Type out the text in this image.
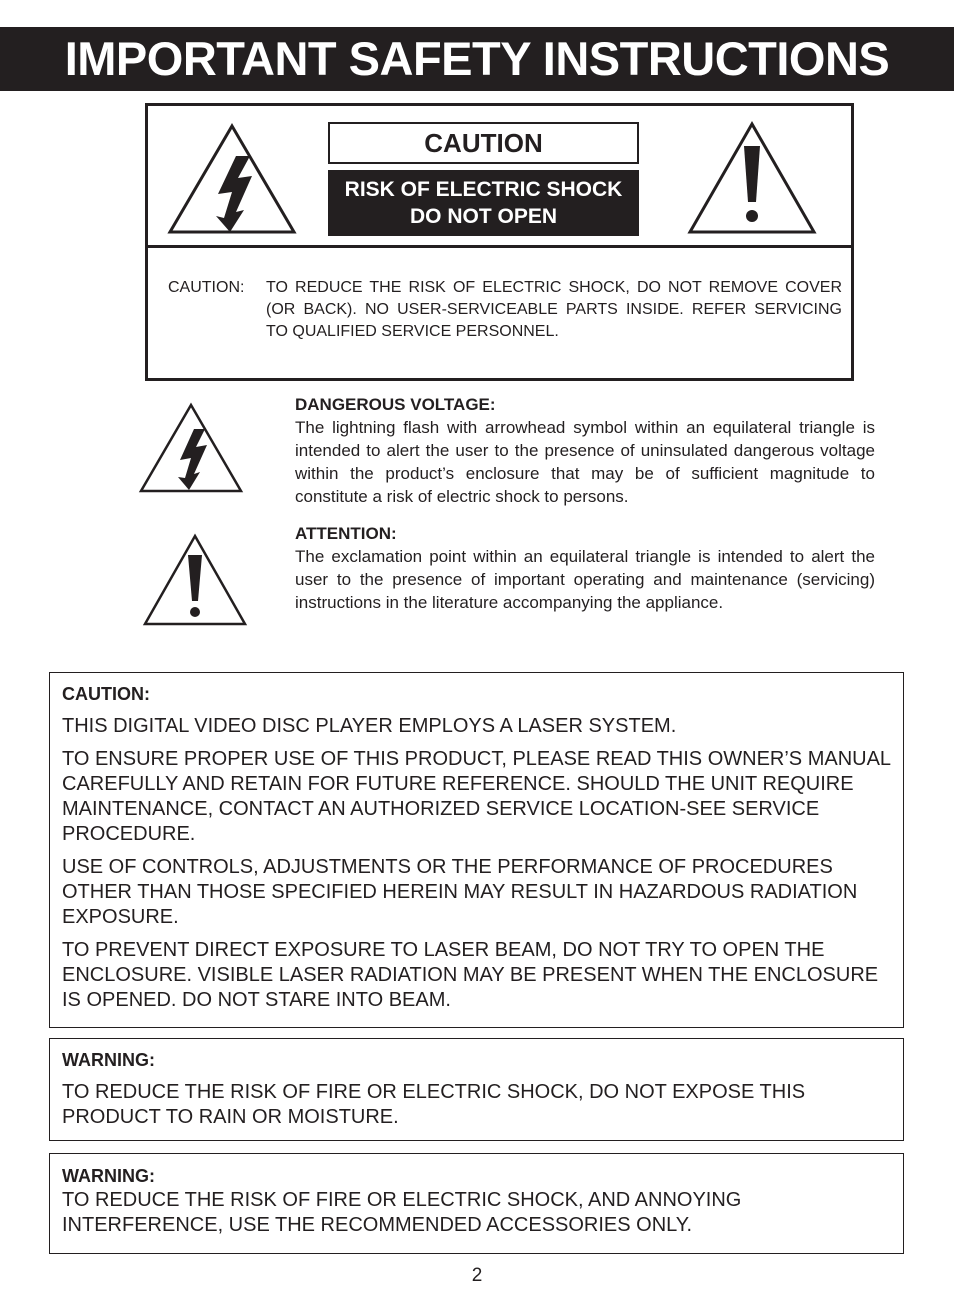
IMPORTANT SAFETY INSTRUCTIONS
CAUTION
RISK OF ELECTRIC SHOCK
DO NOT OPEN
CAUTION: TO REDUCE THE RISK OF ELECTRIC SHOCK, DO NOT REMOVE COVER (OR BACK). NO USER-SERVICEABLE PARTS INSIDE. REFER SERVICING TO QUALIFIED SERVICE PERSONNEL.
DANGEROUS VOLTAGE:
The lightning flash with arrowhead symbol within an equilateral triangle is intended to alert the user to the presence of uninsulated dangerous voltage within the product’s enclosure that may be of sufficient magnitude to constitute a risk of electric shock to persons.
ATTENTION:
The exclamation point within an equilateral triangle is intended to alert the user to the presence of important operating and maintenance (servicing) instructions in the literature accompanying the appliance.
CAUTION:

THIS DIGITAL VIDEO DISC PLAYER EMPLOYS A LASER SYSTEM.

TO ENSURE PROPER USE OF THIS PRODUCT, PLEASE READ THIS OWNER’S MANUAL CAREFULLY AND RETAIN FOR FUTURE REFERENCE. SHOULD THE UNIT REQUIRE MAINTENANCE, CONTACT AN AUTHORIZED SERVICE LOCATION-SEE SERVICE PROCEDURE.

USE OF CONTROLS, ADJUSTMENTS OR THE PERFORMANCE OF PROCEDURES OTHER THAN THOSE SPECIFIED HEREIN MAY RESULT IN HAZARDOUS RADIATION EXPOSURE.

TO PREVENT DIRECT EXPOSURE TO LASER BEAM, DO NOT TRY TO OPEN THE ENCLOSURE. VISIBLE LASER RADIATION MAY BE PRESENT WHEN THE ENCLOSURE IS OPENED. DO NOT STARE INTO BEAM.

WARNING:

TO REDUCE THE RISK OF FIRE OR ELECTRIC SHOCK, DO NOT EXPOSE THIS PRODUCT TO RAIN OR MOISTURE.

WARNING:

TO REDUCE THE RISK OF FIRE OR ELECTRIC SHOCK, AND ANNOYING INTERFERENCE, USE THE RECOMMENDED ACCESSORIES ONLY.

2
